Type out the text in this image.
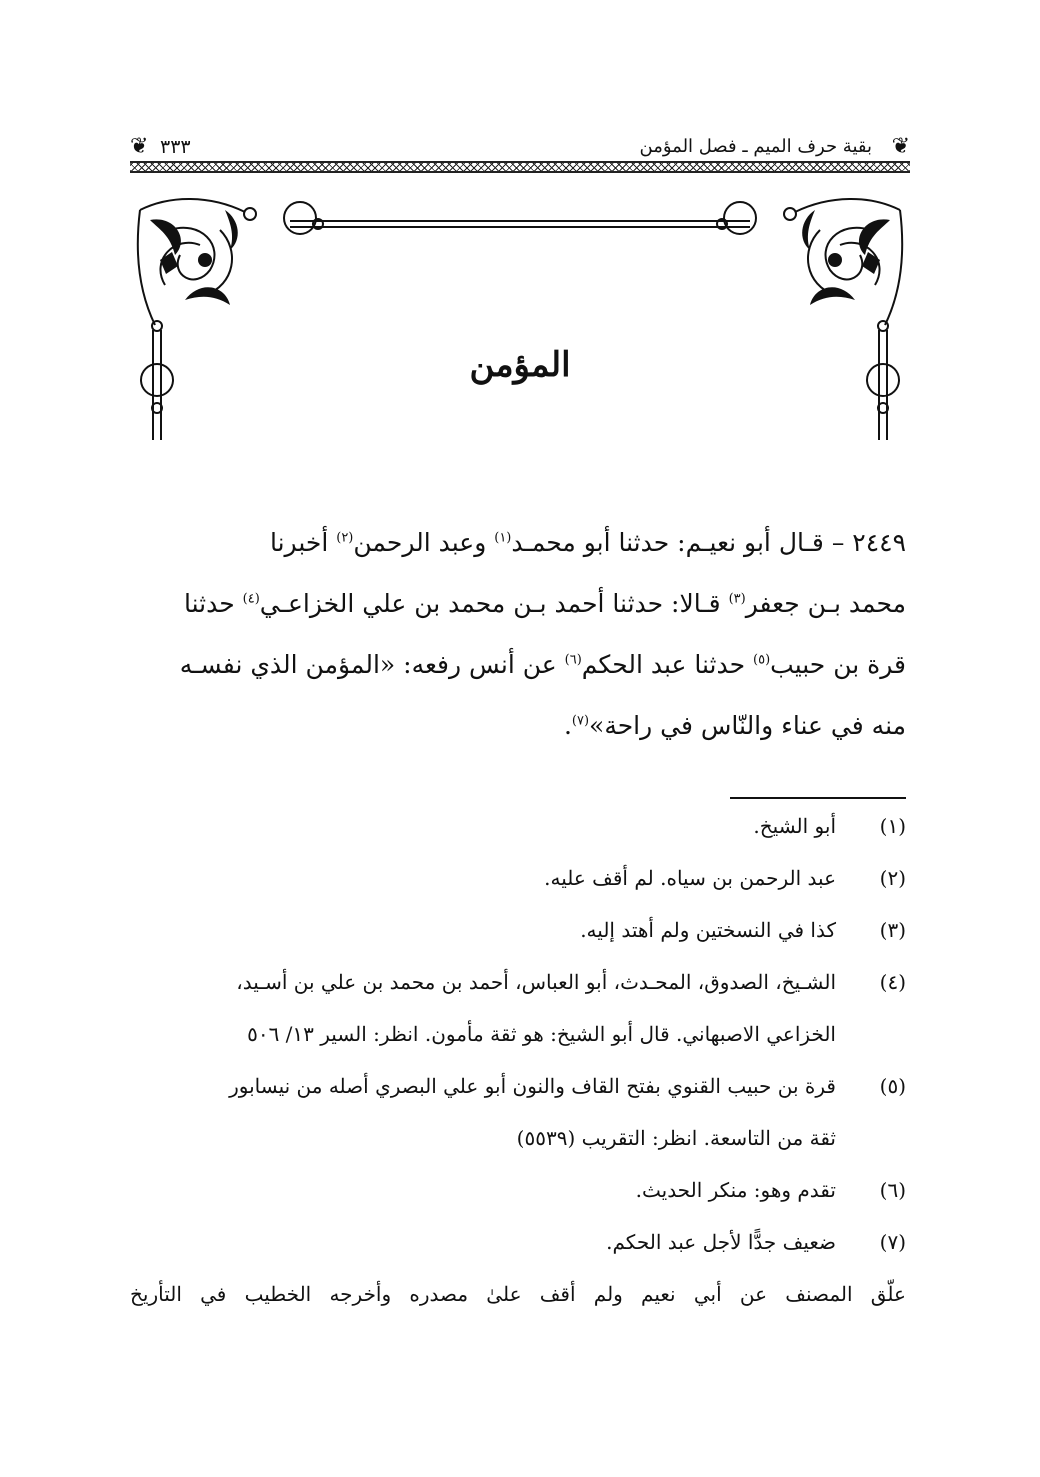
❦
بقية حرف الميم ـ فصل المؤمن
٣٣٣
❦
المؤمن
٢٤٤٩ – قـال أبو نعيـم: حدثنا أبو محمـد$^{(١)}$ وعبد الرحمن$^{(٢)}$ أخبرنا
محمد بـن جعفر$^{(٣)}$ قـالا: حدثنا أحمد بـن محمد بن علي الخزاعـي$^{(٤)}$ حدثنا
قرة بن حبيب$^{(٥)}$ حدثنا عبد الحكم$^{(٦)}$ عن أنس رفعه: «المؤمن الذي نفسـه
منه في عناء والنّاس في راحة»$^{(٧)}$.
(١)
أبو الشيخ.
(٢)
عبد الرحمن بن سياه. لم أقف عليه.
(٣)
كذا في النسختين ولم أهتد إليه.
(٤)
الشـيخ، الصدوق، المحـدث، أبو العباس، أحمد بن محمد بن علي بن أسـيد،
الخزاعي الاصبهاني. قال أبو الشيخ: هو ثقة مأمون. انظر: السير ١٣/ ٥٠٦
(٥)
قرة بن حبيب القنوي بفتح القاف والنون أبو علي البصري أصله من نيسابور
ثقة من التاسعة. انظر: التقريب (٥٥٣٩)
(٦)
تقدم وهو: منكر الحديث.
(٧)
ضعيف جدًّا لأجل عبد الحكم.
علّق المصنف عن أبي نعيم ولم أقف علىٰ مصدره وأخرجه الخطيب في التأريخ
